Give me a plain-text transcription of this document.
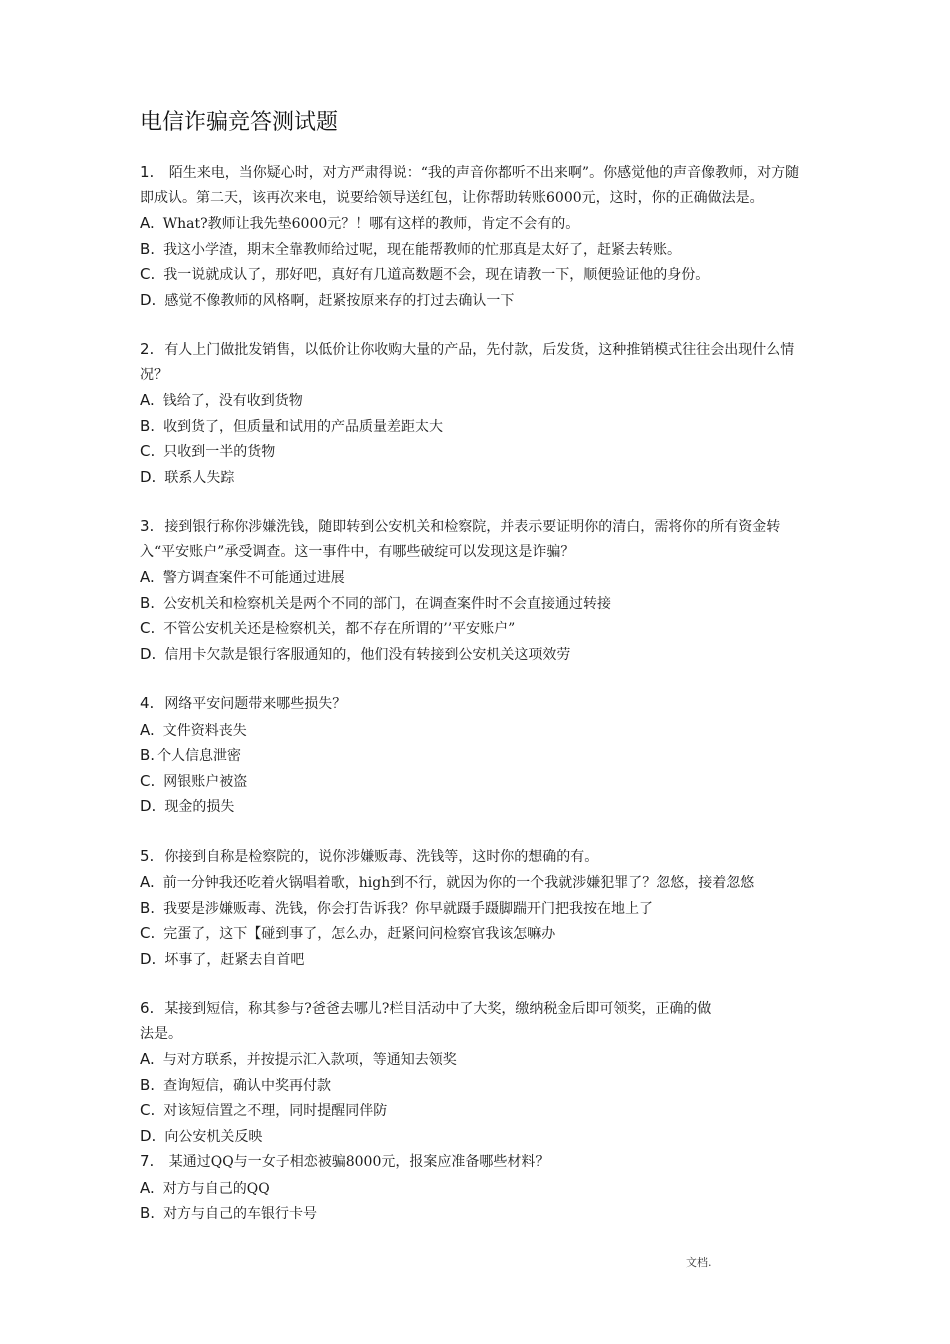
电信诈骗竞答测试题

1. 陌生来电，当你疑心时，对方严肃得说：“我的声音你都听不出来啊”。你感觉他的声音像教师，对方随即成认。第二天，该再次来电，说要给领导送红包，让你帮助转账6000元，这时，你的正确做法是。

A. What?教师让我先垫6000元？！哪有这样的教师，肯定不会有的。

B. 我这小学渣，期末全靠教师给过呢，现在能帮教师的忙那真是太好了，赶紧去转账。

C. 我一说就成认了，那好吧，真好有几道高数题不会，现在请教一下，顺便验证他的身份。

D. 感觉不像教师的风格啊，赶紧按原来存的打过去确认一下

2. 有人上门做批发销售，以低价让你收购大量的产品，先付款，后发货，这种推销模式往往会出现什么情况？

A. 钱给了，没有收到货物

B. 收到货了，但质量和试用的产品质量差距太大

C. 只收到一半的货物

D. 联系人失踪

3. 接到银行称你涉嫌洗钱，随即转到公安机关和检察院，并表示要证明你的清白，需将你的所有资金转入“平安账户”承受调查。这一事件中，有哪些破绽可以发现这是诈骗？

A. 警方调查案件不可能通过进展

B. 公安机关和检察机关是两个不同的部门，在调查案件时不会直接通过转接

C. 不管公安机关还是检察机关，都不存在所谓的’’平安账户”

D. 信用卡欠款是银行客服通知的，他们没有转接到公安机关这项效劳

4. 网络平安问题带来哪些损失？

A. 文件资料丧失

B. 个人信息泄密

C. 网银账户被盗

D. 现金的损失

5. 你接到自称是检察院的，说你涉嫌贩毒、洗钱等，这时你的想确的有。

A. 前一分钟我还吃着火锅唱着歌，high到不行，就因为你的一个我就涉嫌犯罪了？忽悠，接着忽悠

B. 我要是涉嫌贩毒、洗钱，你会打告诉我？你早就蹑手蹑脚踹开门把我按在地上了

C. 完蛋了，这下【碰到事了，怎么办，赶紧问问检察官我该怎嘛办

D. 坏事了，赶紧去自首吧

6. 某接到短信，称其参与?爸爸去哪儿?栏目活动中了大奖，缴纳税金后即可领奖，正确的做
法是。

A. 与对方联系，并按提示汇入款项，等通知去领奖

B. 查询短信，确认中奖再付款

C. 对该短信置之不理，同时提醒同伴防

D. 向公安机关反映

7. 某通过QQ与一女子相恋被骗8000元，报案应准备哪些材料？

A. 对方与自己的QQ

B. 对方与自己的车银行卡号

文档.
